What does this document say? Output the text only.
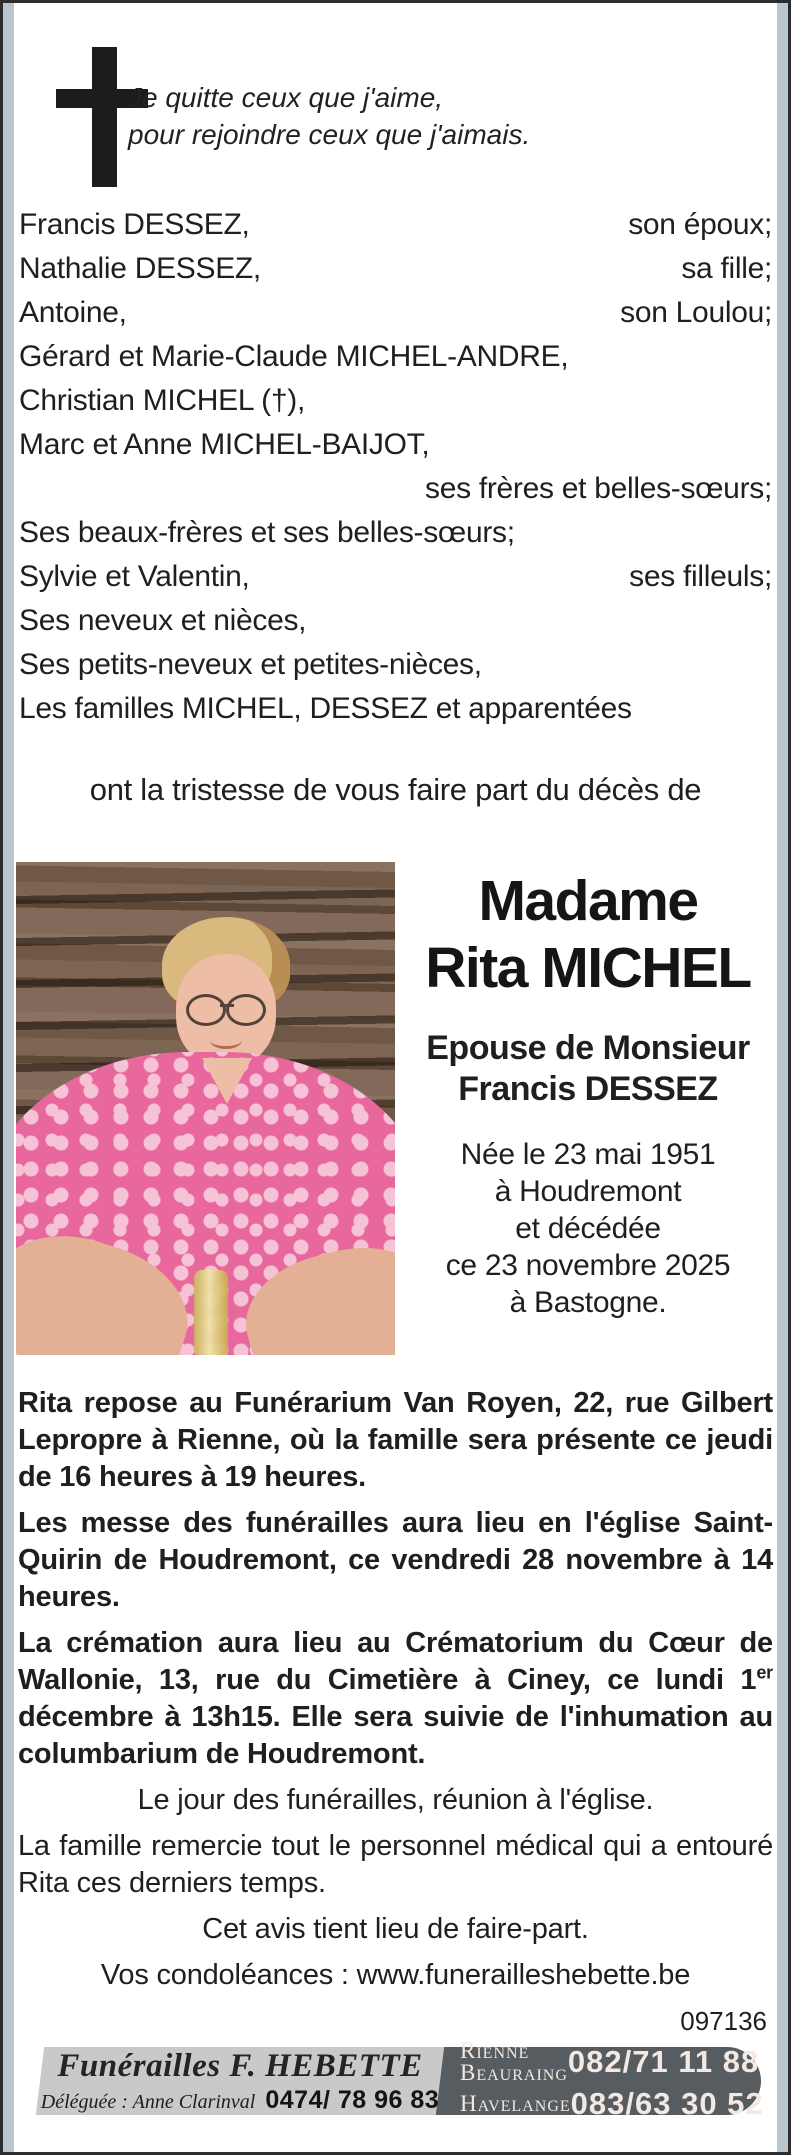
Je quitte ceux que j'aime,
pour rejoindre ceux que j'aimais.
Francis DESSEZ,	son époux;
Nathalie DESSEZ,	sa fille;
Antoine,	son Loulou;
Gérard et Marie-Claude MICHEL-ANDRE,
Christian MICHEL (†),
Marc et Anne MICHEL-BAIJOT,
ses frères et belles-sœurs;
Ses beaux-frères et ses belles-sœurs;
Sylvie et Valentin,	ses filleuls;
Ses neveux et nièces,
Ses petits-neveux et petites-nièces,
Les familles MICHEL, DESSEZ et apparentées
ont la tristesse de vous faire part du décès de
Madame
Rita MICHEL
Epouse de Monsieur
Francis DESSEZ
Née le 23 mai 1951
à Houdremont
et décédée
ce 23 novembre 2025
à Bastogne.
Rita repose au Funérarium Van Royen, 22, rue Gilbert Lepropre à Rienne, où la famille sera présente ce jeudi de 16 heures à 19 heures.
Les messe des funérailles aura lieu en l'église Saint-Quirin de Houdremont, ce vendredi 28 novembre à 14 heures.
La crémation aura lieu au Crématorium du Cœur de Wallonie, 13, rue du Cimetière à Ciney, ce lundi 1er décembre à 13h15. Elle sera suivie de l'inhumation au columbarium de Houdremont.
Le jour des funérailles, réunion à l'église.
La famille remercie tout le personnel médical qui a entouré Rita ces derniers temps.
Cet avis tient lieu de faire-part.
Vos condoléances : www.funerailleshebette.be
097136
Rienne
Beauraing 082/71 11 88
Havelange 083/63 30 52
Funérailles F. HEBETTE
Déléguée : Anne Clarinval 0474/ 78 96 83
